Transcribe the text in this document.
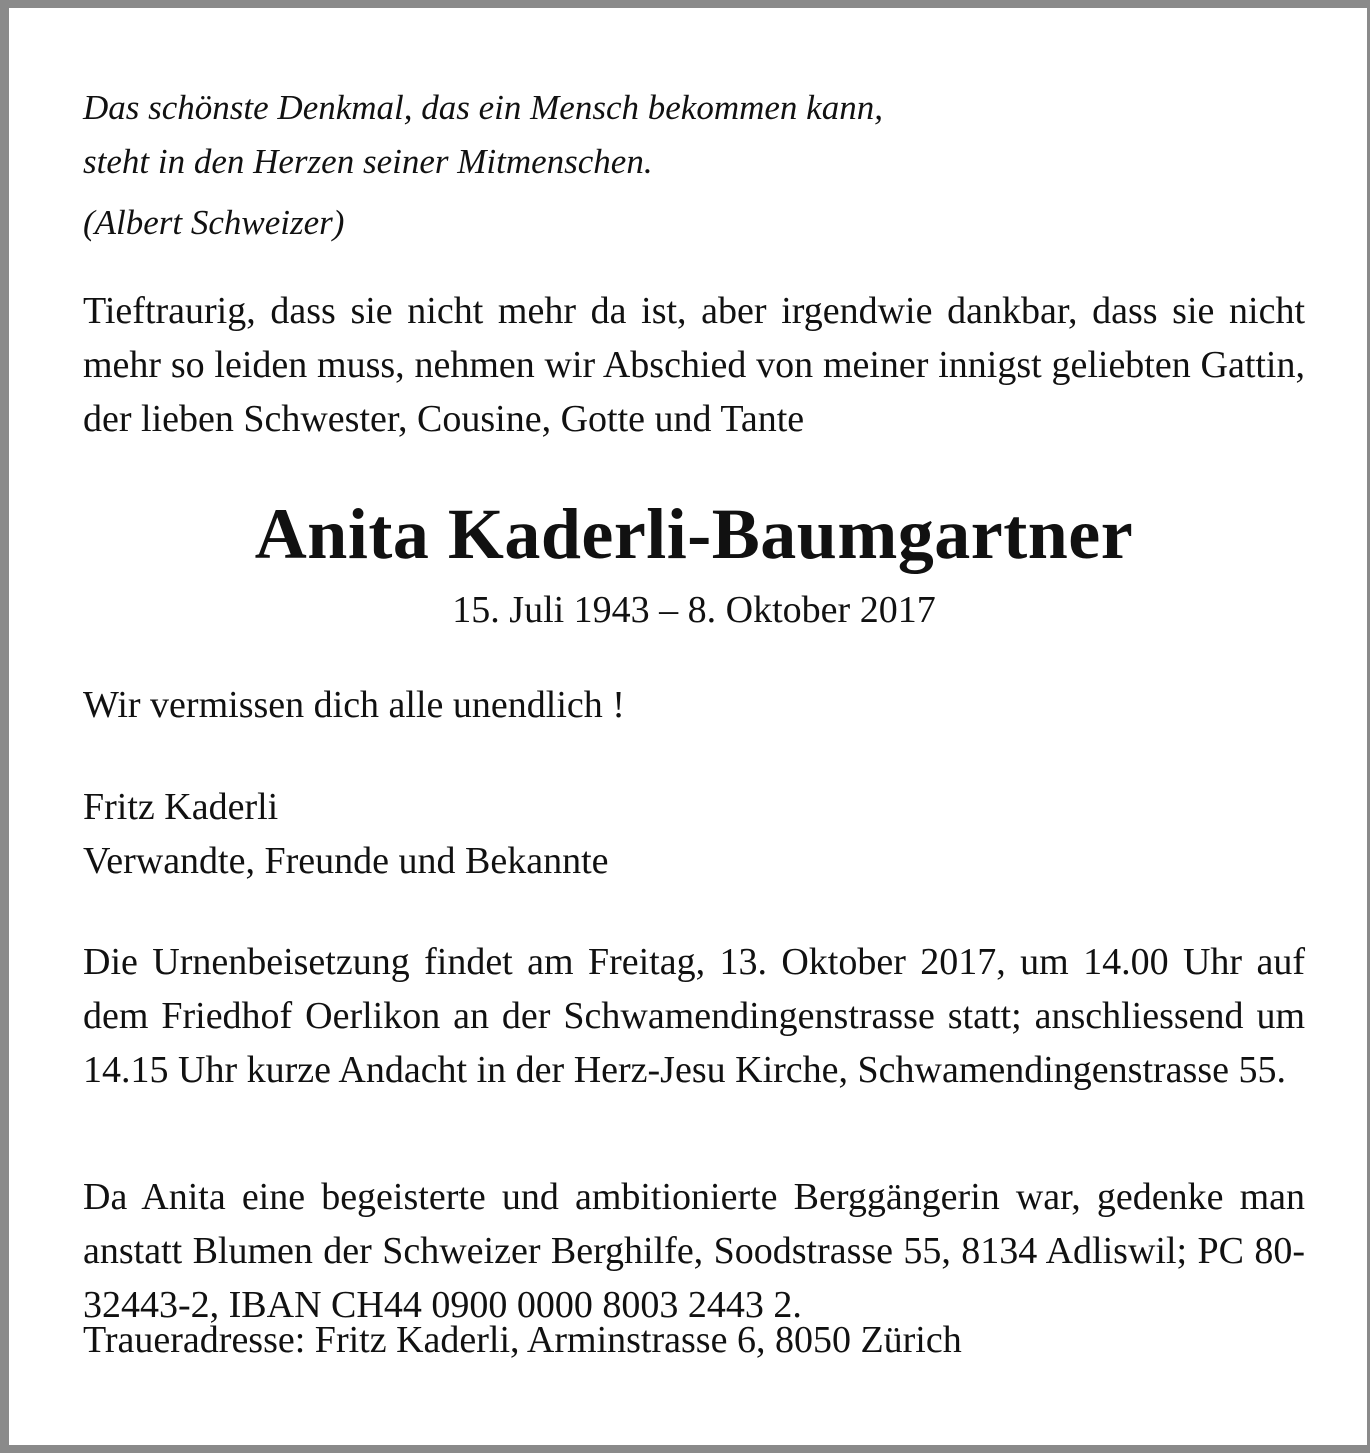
Das schönste Denkmal, das ein Mensch bekommen kann,
steht in den Herzen seiner Mitmenschen.
(Albert Schweizer)
Tieftraurig, dass sie nicht mehr da ist, aber irgendwie dankbar, dass sie nicht mehr so leiden muss, nehmen wir Abschied von meiner innigst geliebten Gattin, der lieben Schwester, Cousine, Gotte und Tante
Anita Kaderli-Baumgartner
15. Juli 1943 – 8. Oktober 2017
Wir vermissen dich alle unendlich !
Fritz Kaderli
Verwandte, Freunde und Bekannte
Die Urnenbeisetzung findet am Freitag, 13. Oktober 2017, um 14.00 Uhr auf dem Friedhof Oerlikon an der Schwamendingenstrasse statt; anschliessend um 14.15 Uhr kurze Andacht in der Herz-Jesu Kirche, Schwamendingenstrasse 55.
Da Anita eine begeisterte und ambitionierte Berggängerin war, gedenke man anstatt Blumen der Schweizer Berghilfe, Soodstrasse 55, 8134 Adliswil; PC 80-32443-2, IBAN CH44 0900 0000 8003 2443 2.
Traueradresse: Fritz Kaderli, Arminstrasse 6, 8050 Zürich
